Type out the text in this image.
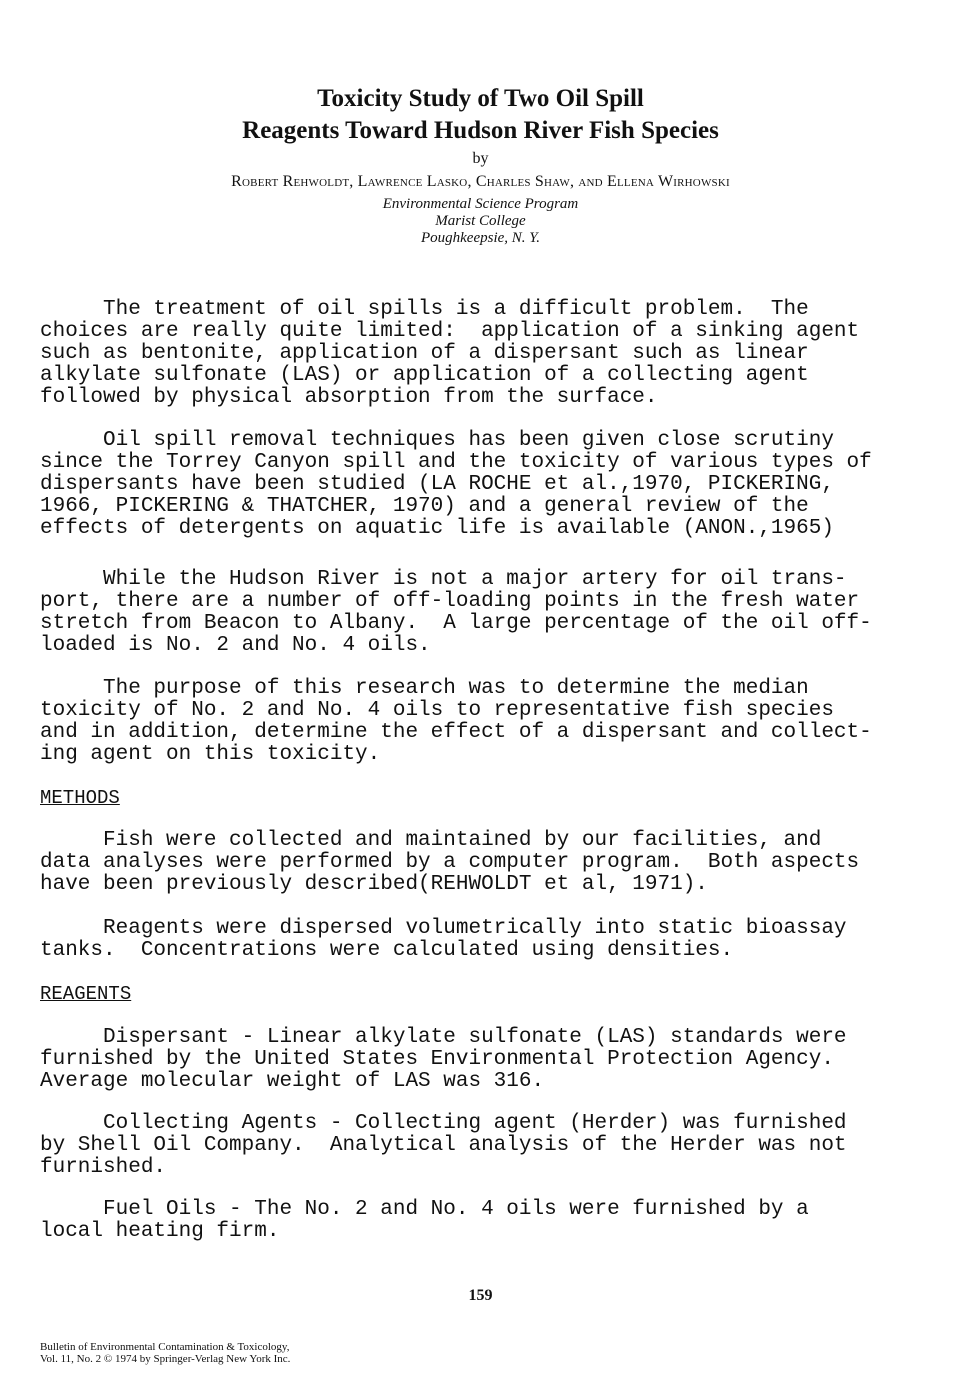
Toxicity Study of Two Oil Spill
Reagents Toward Hudson River Fish Species
by
Robert Rehwoldt, Lawrence Lasko, Charles Shaw, and Ellena Wirhowski
Environmental Science Program
Marist College
Poughkeepsie, N. Y.
The treatment of oil spills is a difficult problem.  The
choices are really quite limited:  application of a sinking agent
such as bentonite, application of a dispersant such as linear
alkylate sulfonate (LAS) or application of a collecting agent
followed by physical absorption from the surface.
Oil spill removal techniques has been given close scrutiny
since the Torrey Canyon spill and the toxicity of various types of
dispersants have been studied (LA ROCHE et al.,1970, PICKERING,
1966, PICKERING & THATCHER, 1970) and a general review of the
effects of detergents on aquatic life is available (ANON.,1965)
While the Hudson River is not a major artery for oil trans-
port, there are a number of off-loading points in the fresh water
stretch from Beacon to Albany.  A large percentage of the oil off-
loaded is No. 2 and No. 4 oils.
The purpose of this research was to determine the median
toxicity of No. 2 and No. 4 oils to representative fish species
and in addition, determine the effect of a dispersant and collect-
ing agent on this toxicity.
METHODS
Fish were collected and maintained by our facilities, and
data analyses were performed by a computer program.  Both aspects
have been previously described(REHWOLDT et al, 1971).
Reagents were dispersed volumetrically into static bioassay
tanks.  Concentrations were calculated using densities.
REAGENTS
Dispersant - Linear alkylate sulfonate (LAS) standards were
furnished by the United States Environmental Protection Agency.
Average molecular weight of LAS was 316.
Collecting Agents - Collecting agent (Herder) was furnished
by Shell Oil Company.  Analytical analysis of the Herder was not
furnished.
Fuel Oils - The No. 2 and No. 4 oils were furnished by a
local heating firm.
159
Bulletin of Environmental Contamination & Toxicology,
Vol. 11, No. 2 © 1974 by Springer-Verlag New York Inc.
